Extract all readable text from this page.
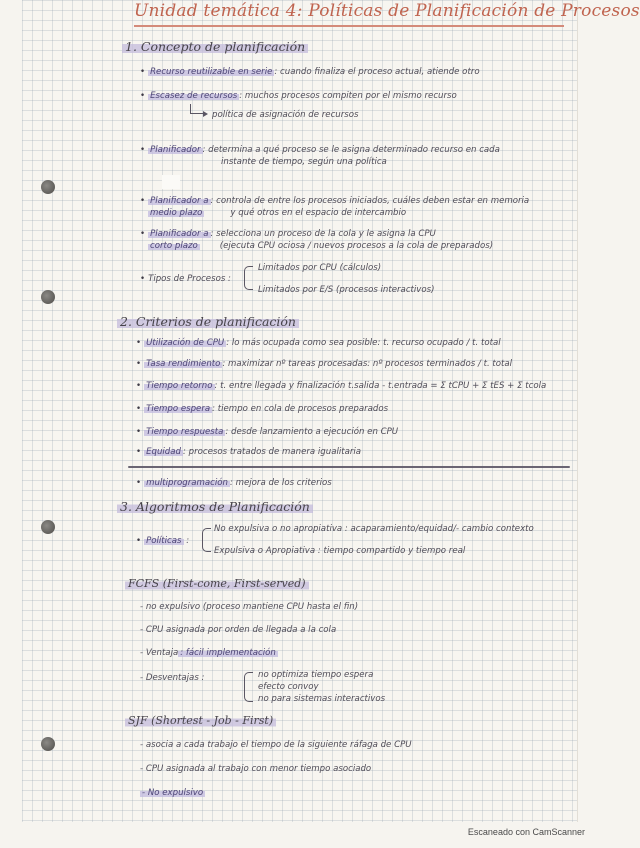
Unidad temática 4: Políticas de Planificación de Procesos
1. Concepto de planificación
• Recurso reutilizable en serie : cuando finaliza el proceso actual, atiende otro
• Escasez de recursos : muchos procesos compiten por el mismo recurso
política de asignación de recursos
• Planificador : determina a qué proceso se le asigna determinado recurso en cada
instante de tiempo, según una política
• Planificador a : controla de entre los procesos iniciados, cuáles deben estar en memoria
medio plazo	y qué otros en el espacio de intercambio
• Planificador a : selecciona un proceso de la cola y le asigna la CPU
corto plazo	(ejecuta CPU ociosa / nuevos procesos a la cola de preparados)
• Tipos de Procesos :
Limitados por CPU (cálculos)
Limitados por E/S (procesos interactivos)
2. Criterios de planificación
• Utilización de CPU : lo más ocupada como sea posible: t. recurso ocupado / t. total
• Tasa rendimiento : maximizar nº tareas procesadas: nº procesos terminados / t. total
• Tiempo retorno : t. entre llegada y finalización t.salida - t.entrada = Σ tCPU + Σ tES + Σ tcola
• Tiempo espera : tiempo en cola de procesos preparados
• Tiempo respuesta : desde lanzamiento a ejecución en CPU
• Equidad : procesos tratados de manera igualitaria
• multiprogramación : mejora de los criterios
3. Algoritmos de Planificación
• Políticas :
No expulsiva o no apropiativa : acaparamiento/equidad/- cambio contexto
Expulsiva o Apropiativa : tiempo compartido y tiempo real
FCFS (First-come, First-served)
- no expulsivo (proceso mantiene CPU hasta el fin)
- CPU asignada por orden de llegada a la cola
- Ventaja : fácil implementación
- Desventajas :	no optimiza tiempo espera
efecto convoy
no para sistemas interactivos
SJF (Shortest - Job - First)
- asocia a cada trabajo el tiempo de la siguiente ráfaga de CPU
- CPU asignada al trabajo con menor tiempo asociado
- No expulsivo
Escaneado con CamScanner
